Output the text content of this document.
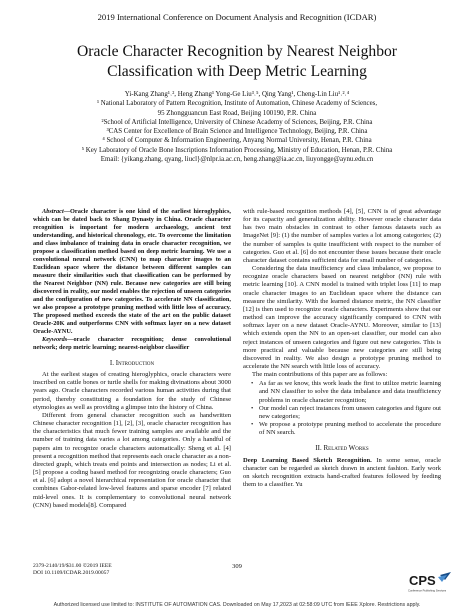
2019 International Conference on Document Analysis and Recognition (ICDAR)
Oracle Character Recognition by Nearest Neighbor
Classification with Deep Metric Learning
Yi-Kang Zhang¹˒², Heng Zhang¹ Yong-Ge Liu³˒⁵, Qing Yang¹, Cheng-Lin Liu¹˒²˒⁴
¹ National Laboratory of Pattern Recognition, Institute of Automation, Chinese Academy of Sciences,
95 Zhongguancun East Road, Beijing 100190, P.R. China
²School of Artificial Intelligence, University of Chinese Academy of Sciences, Beijing, P.R. China
³CAS Center for Excellence of Brain Science and Intelligence Technology, Beijing, P.R. China
⁴ School of Computer & Information Engineering, Anyang Normal University, Henan, P.R. China
⁵ Key Laboratory of Oracle Bone Inscriptions Information Processing, Ministry of Education, Henan, P.R. China
Email: {yikang.zhang, qyang, liucl}@nlpr.ia.ac.cn, heng.zhang@ia.ac.cn, liuyongge@aynu.edu.cn

Abstract—Oracle character is one kind of the earliest hieroglyphics, which can be dated back to Shang Dynasty in China. Oracle character recognition is important for modern archaeology, ancient text understanding, and historical chronology, etc. To overcome the limitation and class imbalance of training data in oracle character recognition, we propose a classification method based on deep metric learning. We use a convolutional neural network (CNN) to map character images to an Euclidean space where the distance between different samples can measure their similarities such that classification can be performed by the Nearest Neighbor (NN) rule. Because new categories are still being discovered in reality, our model enables the rejection of unseen categories and the configuration of new categories. To accelerate NN classification, we also propose a prototype pruning method with little loss of accuracy. The proposed method exceeds the state of the art on the public dataset Oracle-20K and outperforms CNN with softmax layer on a new dataset Oracle-AYNU.

Keywords—oracle character recognition; dense convolutional network; deep metric learning; nearest-neighbor classifier

I. Introduction

At the earliest stages of creating hieroglyphics, oracle characters were inscribed on cattle bones or turtle shells for making divinations about 3000 years ago. Oracle characters recorded various human activities during that period, thereby constituting a foundation for the study of Chinese etymologies as well as providing a glimpse into the history of China.

Different from general character recognition such as handwritten Chinese character recognition [1], [2], [3], oracle character recognition has the characteristics that much fewer training samples are available and the number of training data varies a lot among categories. Only a handful of papers aim to recognize oracle characters automatically: Sheng et al. [4] present a recognition method that represents each oracle character as a non-directed graph, which treats end points and intersection as nodes; Li et al. [5] propose a coding based method for recognizing oracle characters; Guo et al. [6] adopt a novel hierarchical representation for oracle character that combines Gabor-related low-level features and sparse encoder [7] related mid-level ones. It is complementary to convolutional neural network (CNN) based models[8]. Compared

with rule-based recognition methods [4], [5], CNN is of great advantage for its capacity and generalization ability. However oracle character data has two main obstacles in contrast to other famous datasets such as ImageNet [9]: (1) the number of samples varies a lot among categories; (2) the number of samples is quite insufficient with respect to the number of categories. Guo et al. [6] do not encounter these issues because their oracle character dataset contains sufficient data for small number of categories.

Considering the data insufficiency and class imbalance, we propose to recognize oracle characters based on nearest neighbor (NN) rule with metric learning [10]. A CNN model is trained with triplet loss [11] to map oracle character images to an Euclidean space where the distance can measure the similarity. With the learned distance metric, the NN classifier [12] is then used to recognize oracle characters. Experiments show that our method can improve the accuracy significantly compared to CNN with softmax layer on a new dataset Oracle-AYNU. Moreover, similar to [13] which extends open the NN to an open-set classifier, our model can also reject instances of unseen categories and figure out new categories. This is more practical and valuable because new categories are still being discovered in reality. We also design a prototype pruning method to accelerate the NN search with little loss of accuracy.

The main contributions of this paper are as follows:

• As far as we know, this work leads the first to utilize metric learning and NN classifier to solve the data imbalance and data insufficiency problems in oracle character recognition;
• Our model can reject instances from unseen categories and figure out new categories;
• We propose a prototype pruning method to accelerate the procedure of NN search.
II. Related Works

Deep Learning Based Sketch Recognition. In some sense, oracle character can be regarded as sketch drawn in ancient fashion. Early work on sketch recognition extracts hand-crafted features followed by feeding them to a classifier. Yu

2379-2140/19/$31.00 ©2019 IEEE
DOI 10.1109/ICDAR.2019.00057
309
CPS
Conference Publishing Services
Authorized licensed use limited to: INSTITUTE OF AUTOMATION CAS. Downloaded on May 17,2023 at 02:58:09 UTC from IEEE Xplore. Restrictions apply.
